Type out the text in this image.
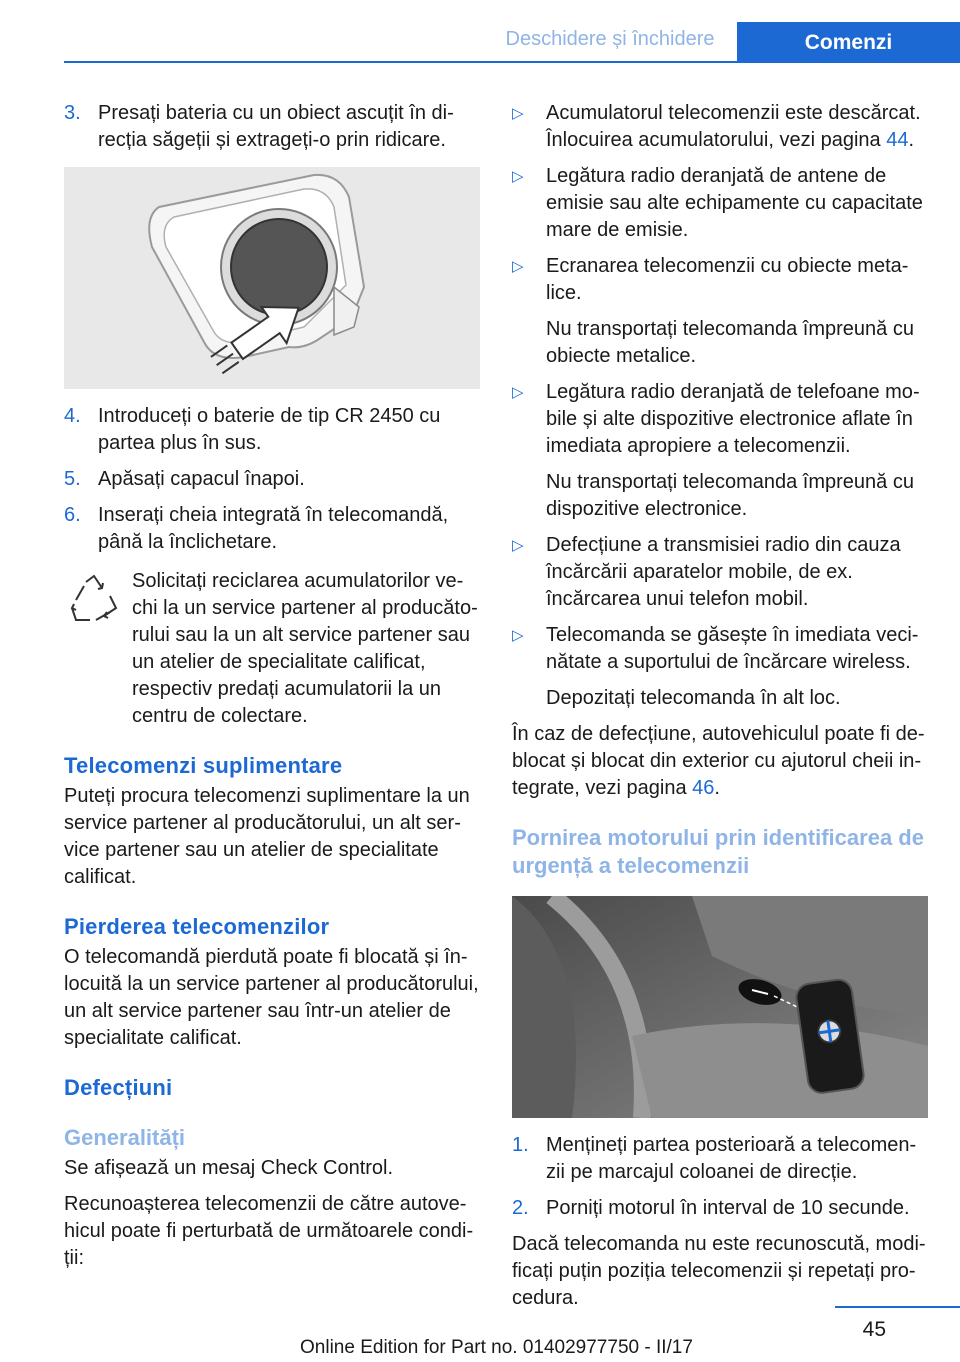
Deschidere și închidere	Comenzi
3. Presați bateria cu un obiect ascuțit în direcția săgeții și extrageți-o prin ridicare.
4. Introduceți o baterie de tip CR 2450 cu partea plus în sus.
5. Apăsați capacul înapoi.
6. Inserați cheia integrată în telecomandă, până la înclichetare.
Solicitați reciclarea acumulatorilor vechi la un service partener al producătorului sau la un alt service partener sau un atelier de specialitate calificat, respectiv predați acumulatorii la un centru de colectare.
Telecomenzi suplimentare

Puteți procura telecomenzi suplimentare la un service partener al producătorului, un alt service partener sau un atelier de specialitate calificat.

Pierderea telecomenzilor

O telecomandă pierdută poate fi blocată și înlocuită la un service partener al producătorului, un alt service partener sau într-un atelier de specialitate calificat.

Defecțiuni
Generalități

Se afișează un mesaj Check Control.

Recunoașterea telecomenzii de către autovehicul poate fi perturbată de următoarele condiții:

▷	Acumulatorul telecomenzii este descărcat. Înlocuirea acumulatorului, vezi pagina 44.

▷	Legătura radio deranjată de antene de emisie sau alte echipamente cu capacitate mare de emisie.

▷	Ecranarea telecomenzii cu obiecte metalice.

Nu transportați telecomanda împreună cu obiecte metalice.

▷	Legătura radio deranjată de telefoane mobile și alte dispozitive electronice aflate în imediata apropiere a telecomenzii.

Nu transportați telecomanda împreună cu dispozitive electronice.

▷	Defecțiune a transmisiei radio din cauza încărcării aparatelor mobile, de ex. încărcarea unui telefon mobil.

▷	Telecomanda se găsește în imediata vecinătate a suportului de încărcare wireless.

Depozitați telecomanda în alt loc.

În caz de defecțiune, autovehiculul poate fi deblocat și blocat din exterior cu ajutorul cheii integrate, vezi pagina 46.

Pornirea motorului prin identificarea de urgență a telecomenzii
1. Mențineți partea posterioară a telecomenzii pe marcajul coloanei de direcție.
2. Porniți motorul în interval de 10 secunde.

Dacă telecomanda nu este recunoscută, modificați puțin poziția telecomenzii și repetați procedura.

45
Online Edition for Part no. 01402977750 - II/17
